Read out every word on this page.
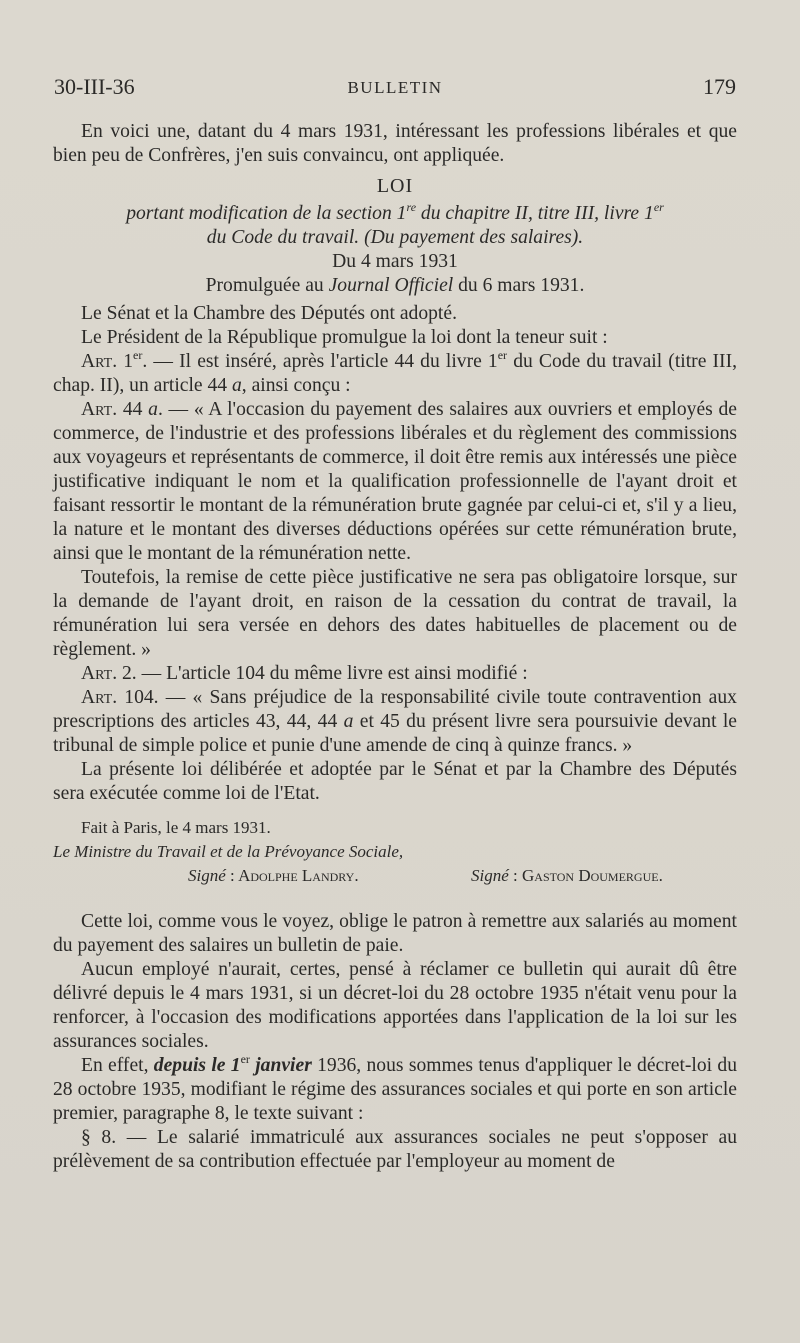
30-III-36	BULLETIN	179

En voici une, datant du 4 mars 1931, intéressant les professions libérales et que bien peu de Confrères, j'en suis convaincu, ont appliquée.

LOI

portant modification de la section 1re du chapitre II, titre III, livre 1er
du Code du travail. (Du payement des salaires).

Du 4 mars 1931

Promulguée au Journal Officiel du 6 mars 1931.

Le Sénat et la Chambre des Députés ont adopté.

Le Président de la République promulgue la loi dont la teneur suit :

Art. 1er. — Il est inséré, après l'article 44 du livre 1er du Code du travail (titre III, chap. II), un article 44 a, ainsi conçu :

Art. 44 a. — « A l'occasion du payement des salaires aux ouvriers et employés de commerce, de l'industrie et des professions libérales et du règlement des commissions aux voyageurs et représentants de commerce, il doit être remis aux intéressés une pièce justificative indiquant le nom et la qualification professionnelle de l'ayant droit et faisant ressortir le montant de la rémunération brute gagnée par celui-ci et, s'il y a lieu, la nature et le montant des diverses déductions opérées sur cette rémunération brute, ainsi que le montant de la rémunération nette.

Toutefois, la remise de cette pièce justificative ne sera pas obligatoire lorsque, sur la demande de l'ayant droit, en raison de la cessation du contrat de travail, la rémunération lui sera versée en dehors des dates habituelles de placement ou de règlement. »

Art. 2. — L'article 104 du même livre est ainsi modifié :

Art. 104. — « Sans préjudice de la responsabilité civile toute contravention aux prescriptions des articles 43, 44, 44 a et 45 du présent livre sera poursuivie devant le tribunal de simple police et punie d'une amende de cinq à quinze francs. »

La présente loi délibérée et adoptée par le Sénat et par la Chambre des Députés sera exécutée comme loi de l'Etat.

Fait à Paris, le 4 mars 1931.
Le Ministre du Travail et de la Prévoyance Sociale,
Signé : Adolphe Landry.	Signé : Gaston Doumergue.

Cette loi, comme vous le voyez, oblige le patron à remettre aux salariés au moment du payement des salaires un bulletin de paie.

Aucun employé n'aurait, certes, pensé à réclamer ce bulletin qui aurait dû être délivré depuis le 4 mars 1931, si un décret-loi du 28 octobre 1935 n'était venu pour la renforcer, à l'occasion des modifications apportées dans l'application de la loi sur les assurances sociales.

En effet, depuis le 1er janvier 1936, nous sommes tenus d'appliquer le décret-loi du 28 octobre 1935, modifiant le régime des assurances sociales et qui porte en son article premier, paragraphe 8, le texte suivant :

§ 8. — Le salarié immatriculé aux assurances sociales ne peut s'opposer au prélèvement de sa contribution effectuée par l'employeur au moment de
